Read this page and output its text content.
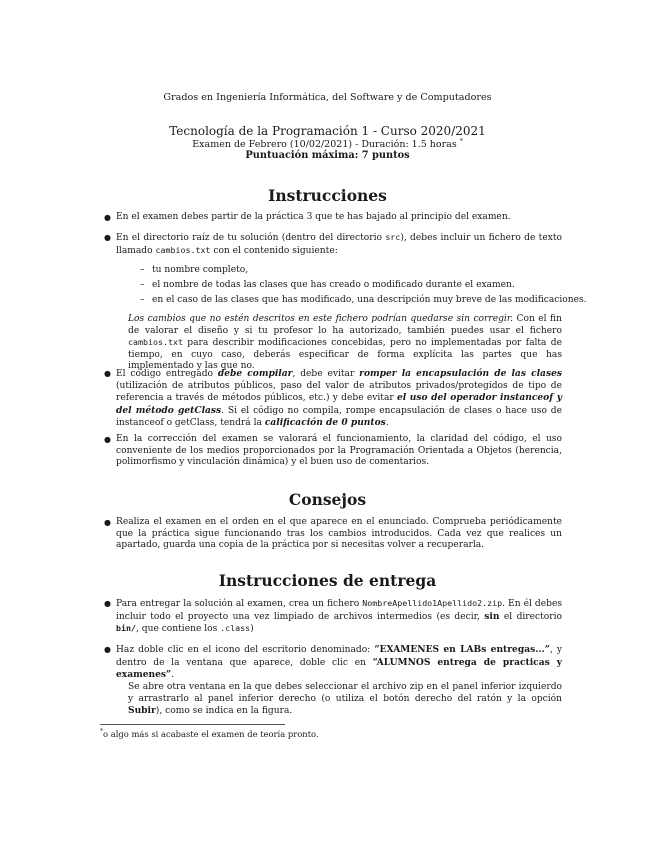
Grados en Ingeniería Informática, del Software y de Computadores
Tecnología de la Programación 1 - Curso 2020/2021
Examen de Febrero (10/02/2021) - Duración: 1.5 horas *
Puntuación máxima: 7 puntos
Instrucciones
● En el examen debes partir de la práctica 3 que te has bajado al principio del examen.
● En el directorio raíz de tu solución (dentro del directorio src), debes incluir un fichero de texto llamado cambios.txt con el contenido siguiente:
– tu nombre completo,
– el nombre de todas las clases que has creado o modificado durante el examen.
– en el caso de las clases que has modificado, una descripción muy breve de las modificaciones.
Los cambios que no estén descritos en este fichero podrían quedarse sin corregir. Con el fin de valorar el diseño y si tu profesor lo ha autorizado, también puedes usar el fichero cambios.txt para describir modificaciones concebidas, pero no implementadas por falta de tiempo, en cuyo caso, deberás especificar de forma explícita las partes que has implementado y las que no.
● El código entregado debe compilar, debe evitar romper la encapsulación de las clases (utilización de atributos públicos, paso del valor de atributos privados/protegidos de tipo de referencia a través de métodos públicos, etc.) y debe evitar el uso del operador instanceof y del método getClass. Si el código no compila, rompe encapsulación de clases o hace uso de instanceof o getClass, tendrá la calificación de 0 puntos.
● En la corrección del examen se valorará el funcionamiento, la claridad del código, el uso conveniente de los medios proporcionados por la Programación Orientada a Objetos (herencia, polimorfismo y vinculación dinámica) y el buen uso de comentarios.
Consejos
● Realiza el examen en el orden en el que aparece en el enunciado. Comprueba periódicamente que la práctica sigue funcionando tras los cambios introducidos. Cada vez que realices un apartado, guarda una copia de la práctica por si necesitas volver a recuperarla.
Instrucciones de entrega
● Para entregar la solución al examen, crea un fichero NombreApellido1Apellido2.zip. En él debes incluir todo el proyecto una vez limpiado de archivos intermedios (es decir, sin el directorio bin/, que contiene los .class)
● Haz doble clic en el icono del escritorio denominado: “EXAMENES en LABs entregas...”, y dentro de la ventana que aparece, doble clic en “ALUMNOS entrega de practicas y examenes”.
Se abre otra ventana en la que debes seleccionar el archivo zip en el panel inferior izquierdo y arrastrarlo al panel inferior derecho (o utiliza el botón derecho del ratón y la opción Subir), como se indica en la figura.
*o algo más si acabaste el examen de teoría pronto.
